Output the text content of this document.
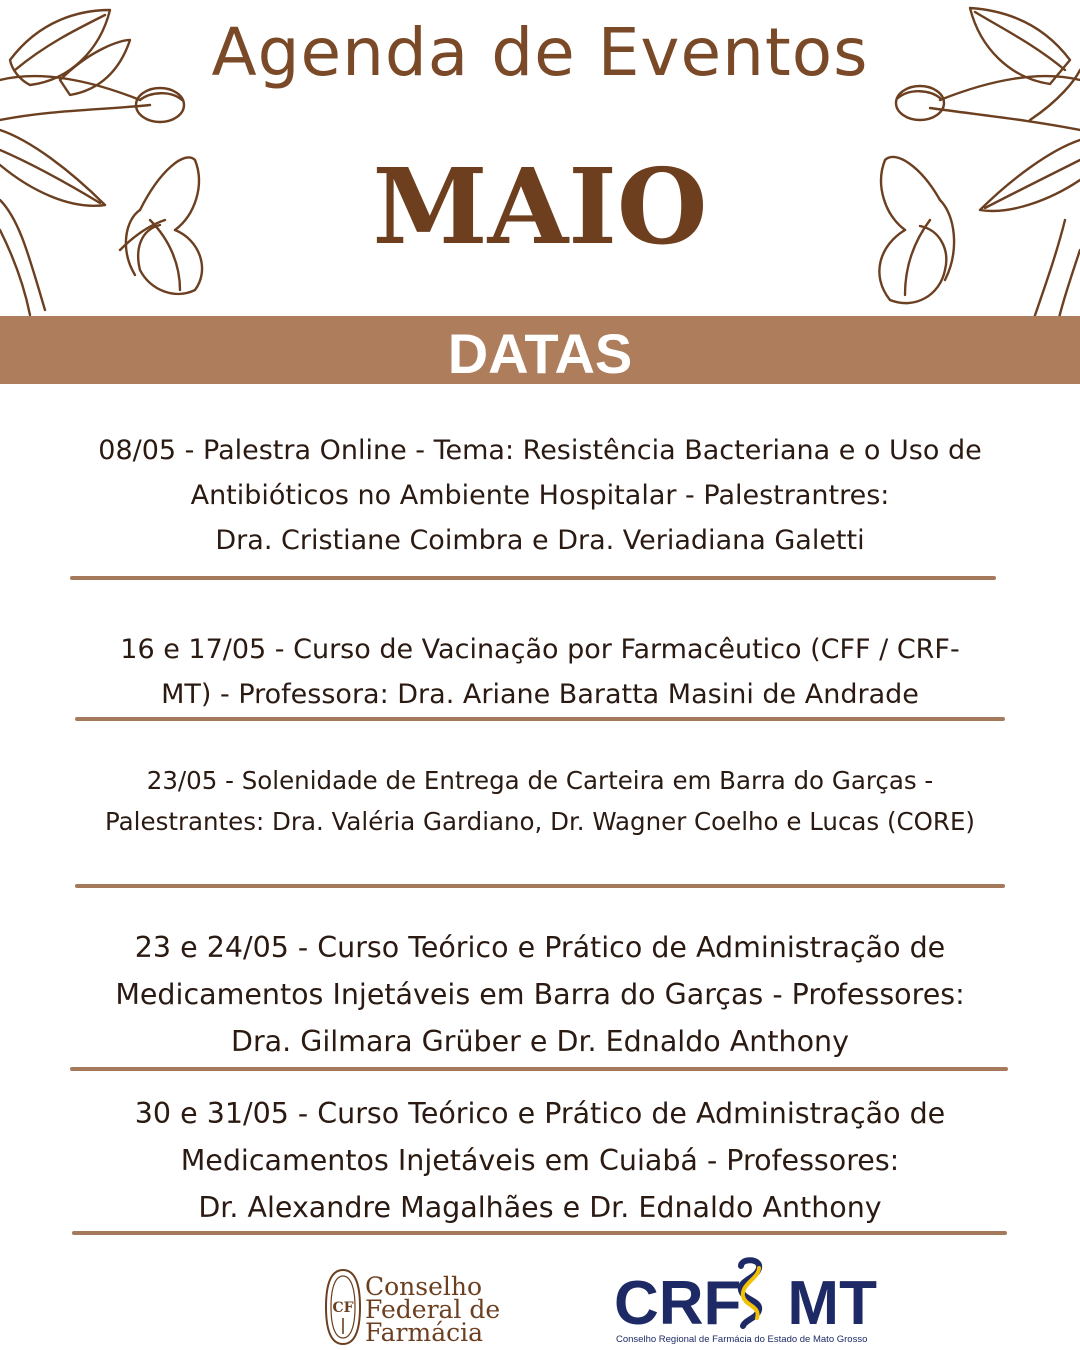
Agenda de Eventos
MAIO
DATAS
08/05 - Palestra Online - Tema: Resistência Bacteriana e o Uso de
Antibióticos no Ambiente Hospitalar - Palestrantres:
Dra. Cristiane Coimbra e Dra. Veriadiana Galetti
16 e 17/05 - Curso de Vacinação por Farmacêutico (CFF / CRF-
MT) - Professora: Dra. Ariane Baratta Masini de Andrade
23/05 - Solenidade de Entrega de Carteira em Barra do Garças -
Palestrantes: Dra. Valéria Gardiano, Dr. Wagner Coelho e Lucas (CORE)
23 e 24/05 - Curso Teórico e Prático de Administração de
Medicamentos Injetáveis em Barra do Garças - Professores:
Dra. Gilmara Grüber e Dr. Ednaldo Anthony
30 e 31/05 - Curso Teórico e Prático de Administração de
Medicamentos Injetáveis em Cuiabá - Professores:
Dr. Alexandre Magalhães e Dr. Ednaldo Anthony
CF
Conselho
Federal de
Farmácia CRF MT
Conselho Regional de Farmácia do Estado de Mato Grosso
